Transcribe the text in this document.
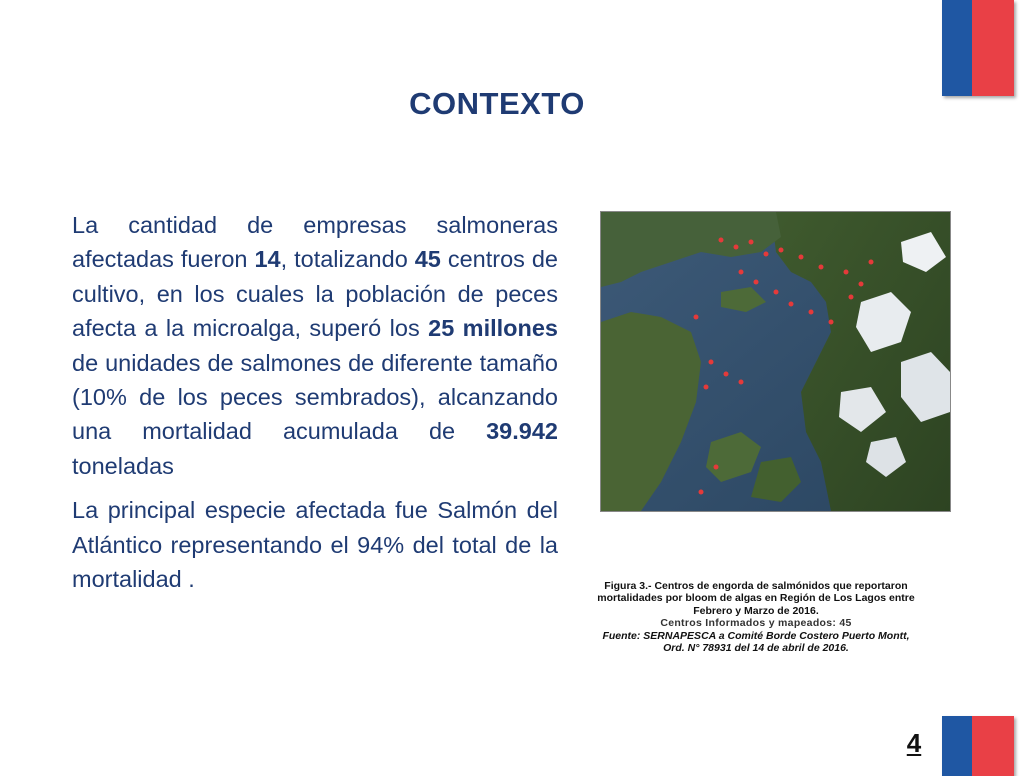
CONTEXTO

La cantidad de empresas salmoneras afectadas fueron 14, totalizando 45 centros de cultivo, en los cuales la población de peces afecta a la microalga, superó los 25 millones de unidades de salmones de diferente tamaño (10% de los peces sembrados), alcanzando una mortalidad acumulada de 39.942 toneladas

La principal especie afectada fue Salmón del Atlántico representando el 94% del total de la mortalidad .	Figura 3.- Centros de engorda de salmónidos que reportaron mortalidades por bloom de algas en Región de Los Lagos entre Febrero y Marzo de 2016.
Centros Informados y mapeados: 45
Fuente: SERNAPESCA a Comité Borde Costero Puerto Montt, Ord. N° 78931 del 14 de abril de 2016.
4
